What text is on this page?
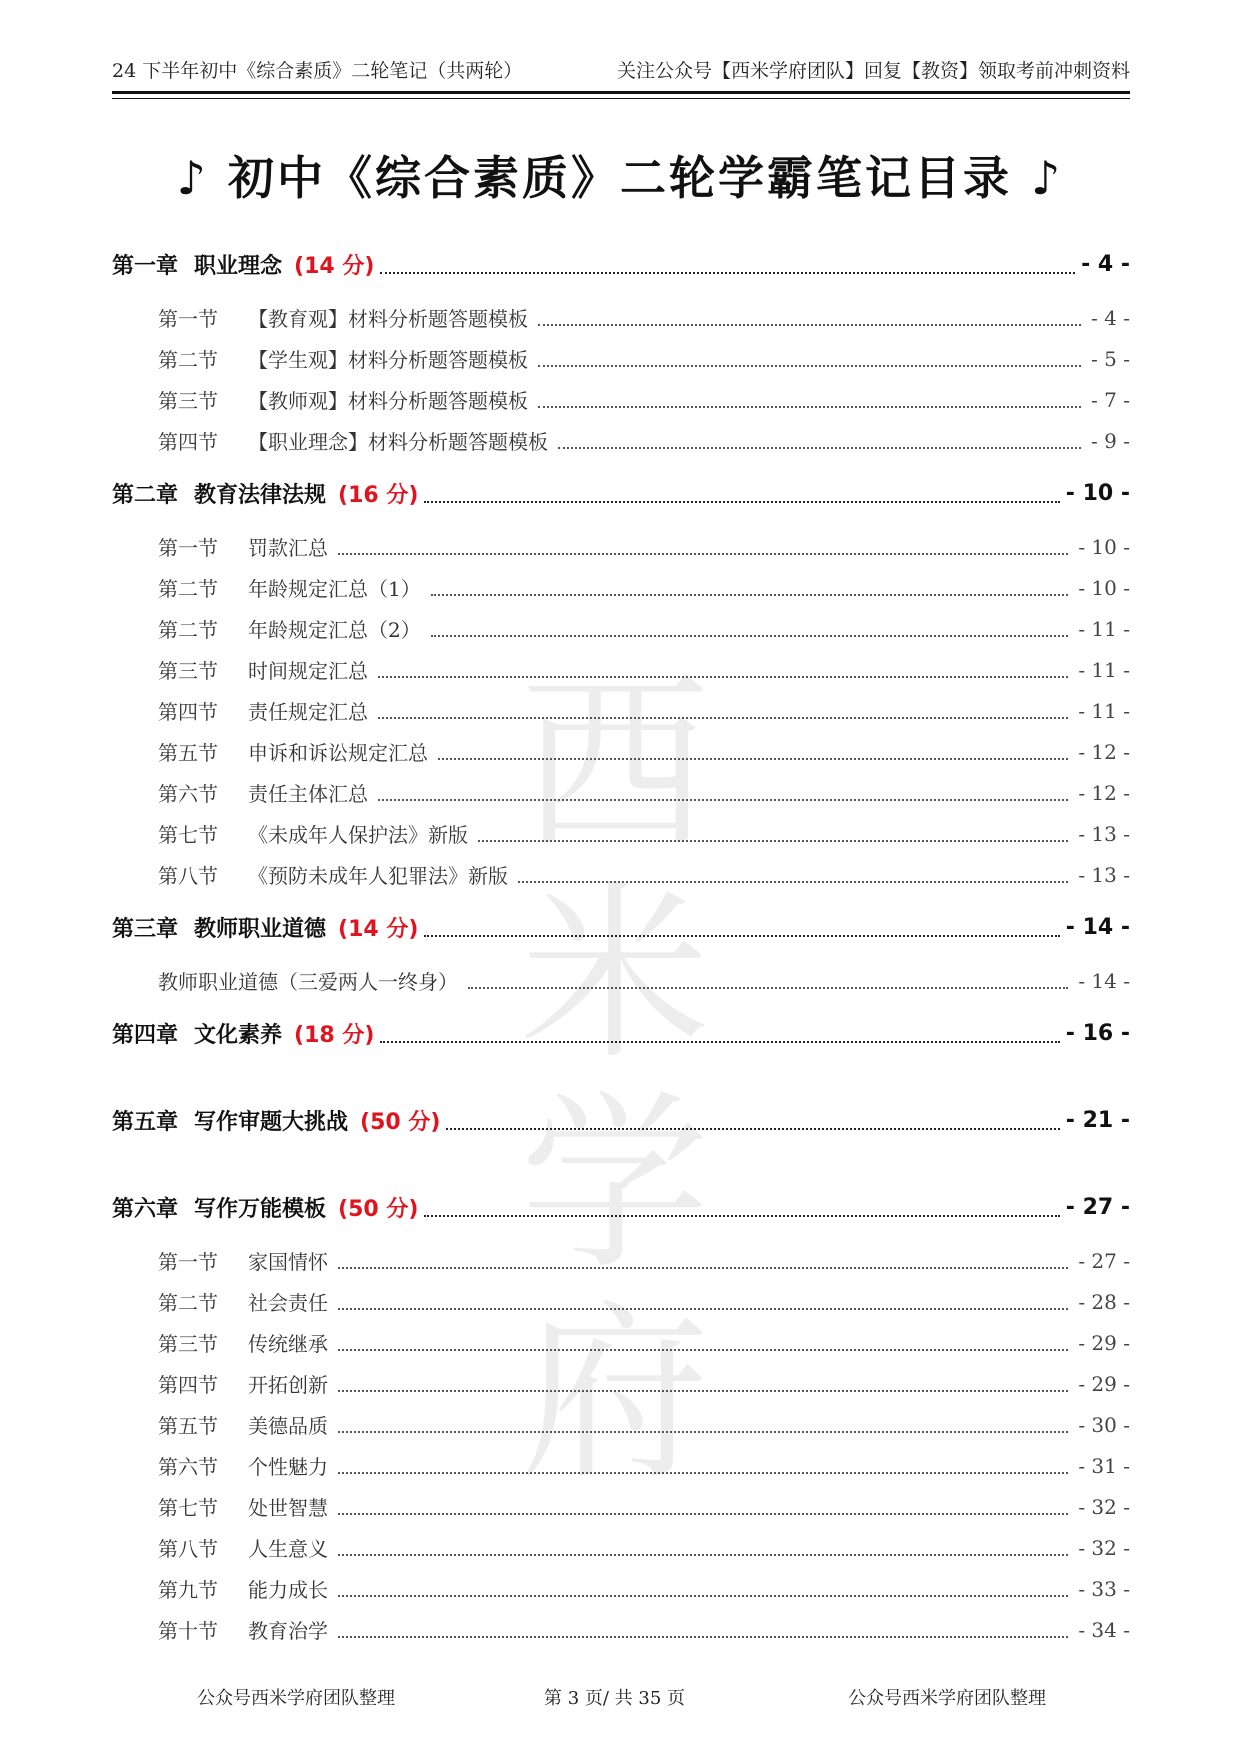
西米学府
24 下半年初中《综合素质》二轮笔记（共两轮）	关注公众号【西米学府团队】回复【教资】领取考前冲刺资料
♪ 初中《综合素质》二轮学霸笔记目录 ♪
第一章 职业理念 (14 分)	- 4 -
第一节	【教育观】材料分析题答题模板	- 4 -
第二节	【学生观】材料分析题答题模板	- 5 -
第三节	【教师观】材料分析题答题模板	- 7 -
第四节	【职业理念】材料分析题答题模板	- 9 -
第二章 教育法律法规 (16 分)	- 10 -
第一节	罚款汇总	- 10 -
第二节	年龄规定汇总（1）	- 10 -
第二节	年龄规定汇总（2）	- 11 -
第三节	时间规定汇总	- 11 -
第四节	责任规定汇总	- 11 -
第五节	申诉和诉讼规定汇总	- 12 -
第六节	责任主体汇总	- 12 -
第七节	《未成年人保护法》新版	- 13 -
第八节	《预防未成年人犯罪法》新版	- 13 -
第三章 教师职业道德 (14 分)	- 14 -
教师职业道德（三爱两人一终身）	- 14 -
第四章 文化素养 (18 分)	- 16 -
第五章 写作审题大挑战 (50 分)	- 21 -
第六章 写作万能模板 (50 分)	- 27 -
第一节	家国情怀	- 27 -
第二节	社会责任	- 28 -
第三节	传统继承	- 29 -
第四节	开拓创新	- 29 -
第五节	美德品质	- 30 -
第六节	个性魅力	- 31 -
第七节	处世智慧	- 32 -
第八节	人生意义	- 32 -
第九节	能力成长	- 33 -
第十节	教育治学	- 34 -
公众号西米学府团队整理	第 3 页/ 共 35 页	公众号西米学府团队整理
